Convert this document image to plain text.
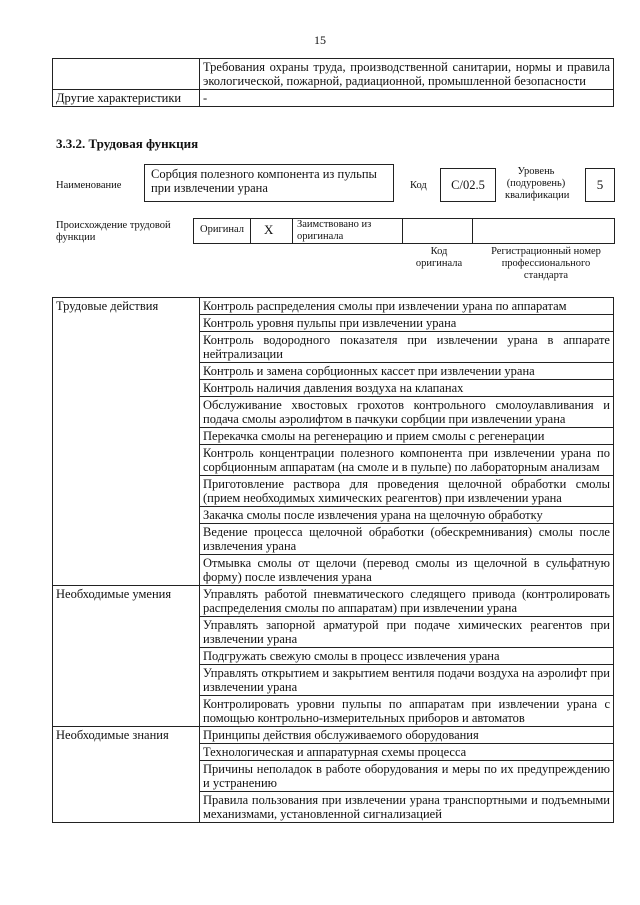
15
	Требования охраны труда, производственной санитарии, нормы и правила экологической, пожарной, радиационной, промышленной безопасности
Другие характеристики	-
3.3.2. Трудовая функция
Наименование
Сорбция полезного компонента из пульпы при извлечении урана	Код	C/02.5
Уровень (подуровень) квалификации
5
Происхождение трудовой функции
Оригинал X Заимствовано из оригинала
Код оригинала
Регистрационный номер профессионального стандарта
Трудовые действия	Контроль распределения смолы при извлечении урана по аппаратам
	Контроль уровня пульпы при извлечении урана
	Контроль водородного показателя при извлечении урана в аппарате нейтрализации
	Контроль и замена сорбционных кассет при извлечении урана
	Контроль наличия давления воздуха на клапанах
	Обслуживание хвостовых грохотов контрольного смолоулавливания и подача смолы аэролифтом в пачкуки сорбции при извлечении урана
	Перекачка смолы на регенерацию и прием смолы с регенерации
	Контроль концентрации полезного компонента при извлечении урана по сорбционным аппаратам (на смоле и в пульпе) по лабораторным анализам
	Приготовление раствора для проведения щелочной обработки смолы (прием необходимых химических реагентов) при извлечении урана
	Закачка смолы после извлечения урана на щелочную обработку
	Ведение процесса щелочной обработки (обескремнивания) смолы после извлечения урана
	Отмывка смолы от щелочи (перевод смолы из щелочной в сульфатную форму) после извлечения урана
Необходимые умения	Управлять работой пневматического следящего привода (контролировать распределения смолы по аппаратам) при извлечении урана
	Управлять запорной арматурой при подаче химических реагентов при извлечении урана
	Подгружать свежую смолы в процесс извлечения урана
	Управлять открытием и закрытием вентиля подачи воздуха на аэролифт при извлечении урана
	Контролировать уровни пульпы по аппаратам при извлечении урана с помощью контрольно-измерительных приборов и автоматов
Необходимые знания	Принципы действия обслуживаемого оборудования
	Технологическая и аппаратурная схемы процесса
	Причины неполадок в работе оборудования и меры по их предупреждению и устранению
	Правила пользования при извлечении урана транспортными и подъемными механизмами, установленной сигнализацией
